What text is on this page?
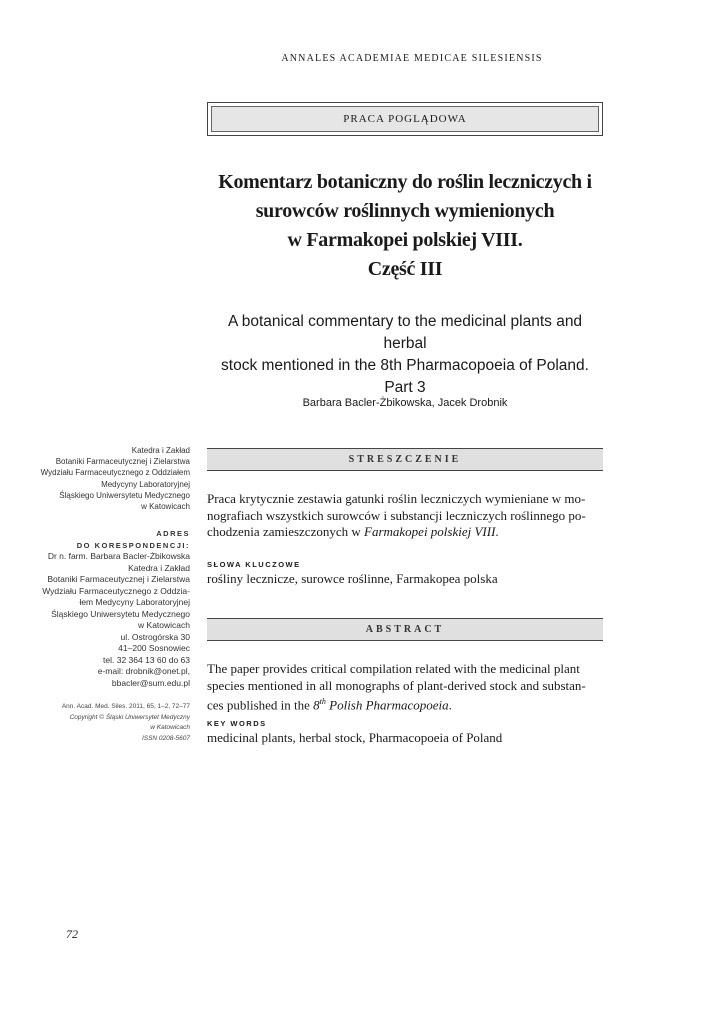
ANNALES ACADEMIAE MEDICAE SILESIENSIS
PRACA POGLĄDOWA
Komentarz botaniczny do roślin leczniczych i
surowców roślinnych wymienionych
w Farmakopei polskiej VIII.
Część III
A botanical commentary to the medicinal plants and herbal
stock mentioned in the 8th Pharmacopoeia of Poland.
Part 3
Barbara Bacler-Żbikowska, Jacek Drobnik
Katedra i Zakład
Botaniki Farmaceutycznej i Zielarstwa
Wydziału Farmaceutycznego z Oddziałem
Medycyny Laboratoryjnej
Śląskiego Uniwersytetu Medycznego
w Katowicach
ADRES
DO KORESPONDENCJI:
Dr n. farm. Barbara Bacler-Żbikowska
Katedra i Zakład
Botaniki Farmaceutycznej i Zielarstwa
Wydziału Farmaceutycznego z Oddzia-
łem Medycyny Laboratoryjnej
Śląskiego Uniwersytetu Medycznego
w Katowicach
ul. Ostrogórska 30
41–200 Sosnowiec
tel. 32 364 13 60 do 63
e-mail: drobnik@onet.pl,
bbacler@sum.edu.pl
Ann. Acad. Med. Siles. 2011, 65, 1–2, 72–77
Copyright © Śląski Uniwersytet Medyczny
w Katowicach
ISSN 0208-5607
STRESZCZENIE
Praca krytycznie zestawia gatunki roślin leczniczych wymieniane w mo-
nografiach wszystkich surowców i substancji leczniczych roślinnego po-
chodzenia zamieszczonych w Farmakopei polskiej VIII.
SŁOWA KLUCZOWE
rośliny lecznicze, surowce roślinne, Farmakopea polska
ABSTRACT
The paper provides critical compilation related with the medicinal plant
species mentioned in all monographs of plant-derived stock and substan-
ces published in the 8th Polish Pharmacopoeia.
KEY WORDS
medicinal plants, herbal stock, Pharmacopoeia of Poland
72
